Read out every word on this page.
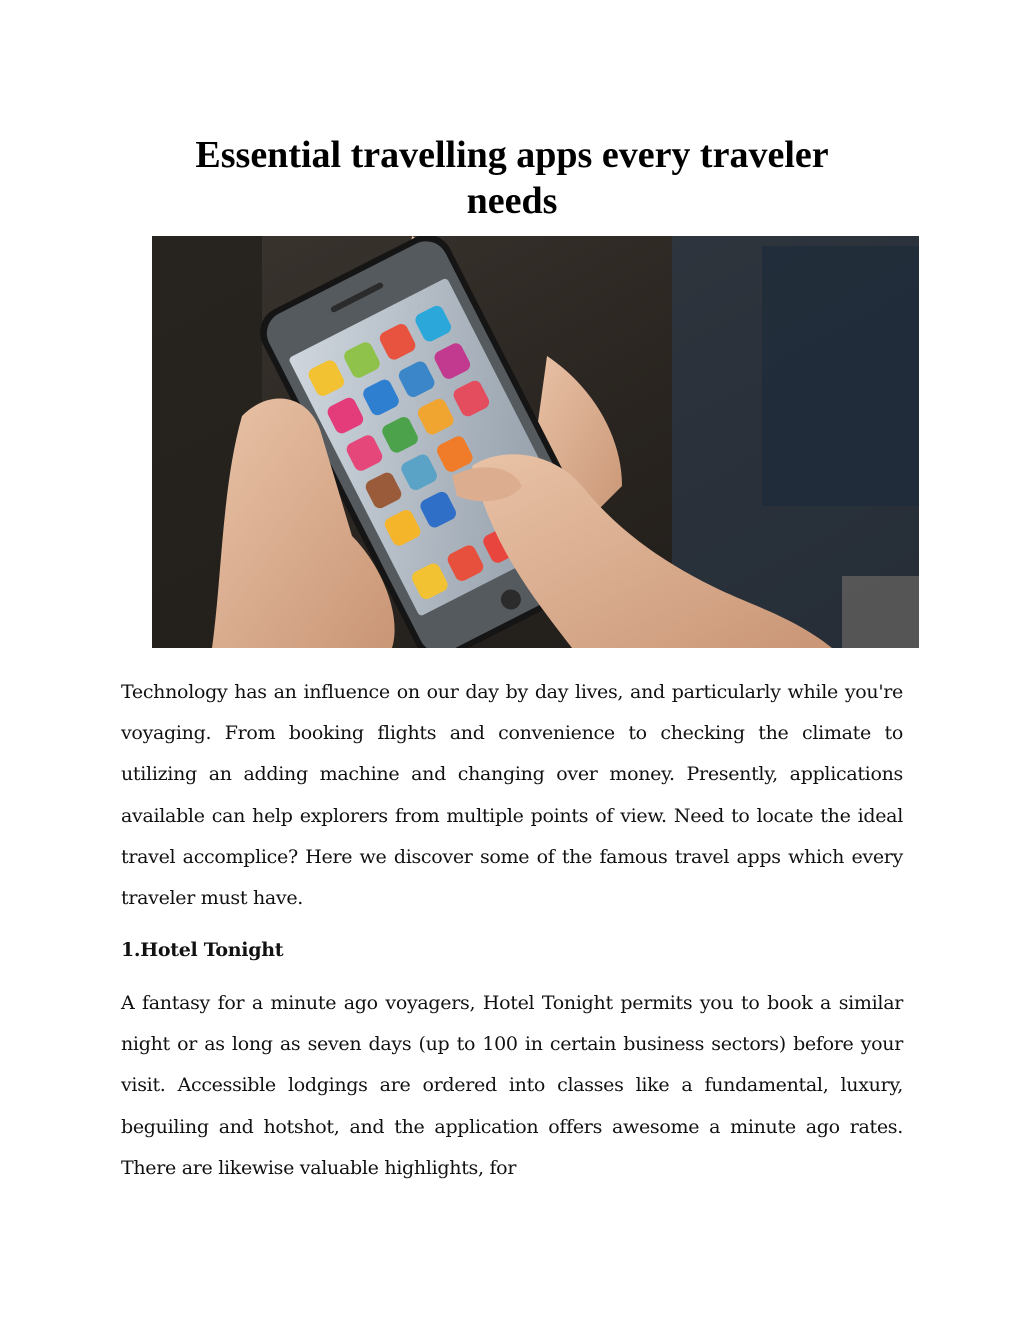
Essential travelling apps every traveler needs

Technology has an influence on our day by day lives, and particularly while you're voyaging. From booking flights and convenience to checking the climate to utilizing an adding machine and changing over money. Presently, applications available can help explorers from multiple points of view. Need to locate the ideal travel accomplice? Here we discover some of the famous travel apps which every traveler must have.

1.Hotel Tonight

A fantasy for a minute ago voyagers, Hotel Tonight permits you to book a similar night or as long as seven days (up to 100 in certain business sectors) before your visit. Accessible lodgings are ordered into classes like a fundamental, luxury, beguiling and hotshot, and the application offers awesome a minute ago rates. There are likewise valuable highlights, for
